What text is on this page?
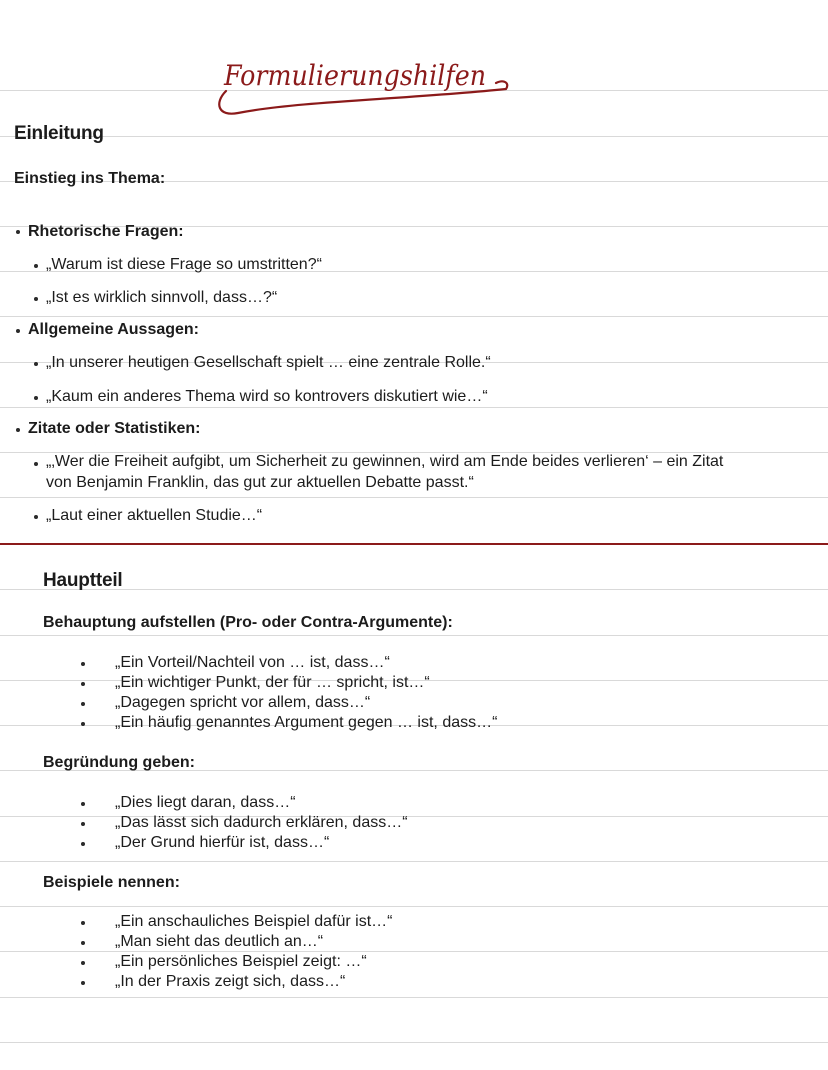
Formulierungshilfen
Einleitung
Einstieg ins Thema:
Rhetorische Fragen:
„Warum ist diese Frage so umstritten?“
„Ist es wirklich sinnvoll, dass…?“
Allgemeine Aussagen:
„In unserer heutigen Gesellschaft spielt … eine zentrale Rolle.“
„Kaum ein anderes Thema wird so kontrovers diskutiert wie…“
Zitate oder Statistiken:
„‚Wer die Freiheit aufgibt, um Sicherheit zu gewinnen, wird am Ende beides verlieren‘ – ein Zitat
von Benjamin Franklin, das gut zur aktuellen Debatte passt.“
„Laut einer aktuellen Studie…“
Hauptteil
Behauptung aufstellen (Pro- oder Contra-Argumente):
„Ein Vorteil/Nachteil von … ist, dass…“
„Ein wichtiger Punkt, der für … spricht, ist…“
„Dagegen spricht vor allem, dass…“
„Ein häufig genanntes Argument gegen … ist, dass…“
Begründung geben:
„Dies liegt daran, dass…“
„Das lässt sich dadurch erklären, dass…“
„Der Grund hierfür ist, dass…“
Beispiele nennen:
„Ein anschauliches Beispiel dafür ist…“
„Man sieht das deutlich an…“
„Ein persönliches Beispiel zeigt: …“
„In der Praxis zeigt sich, dass…“
